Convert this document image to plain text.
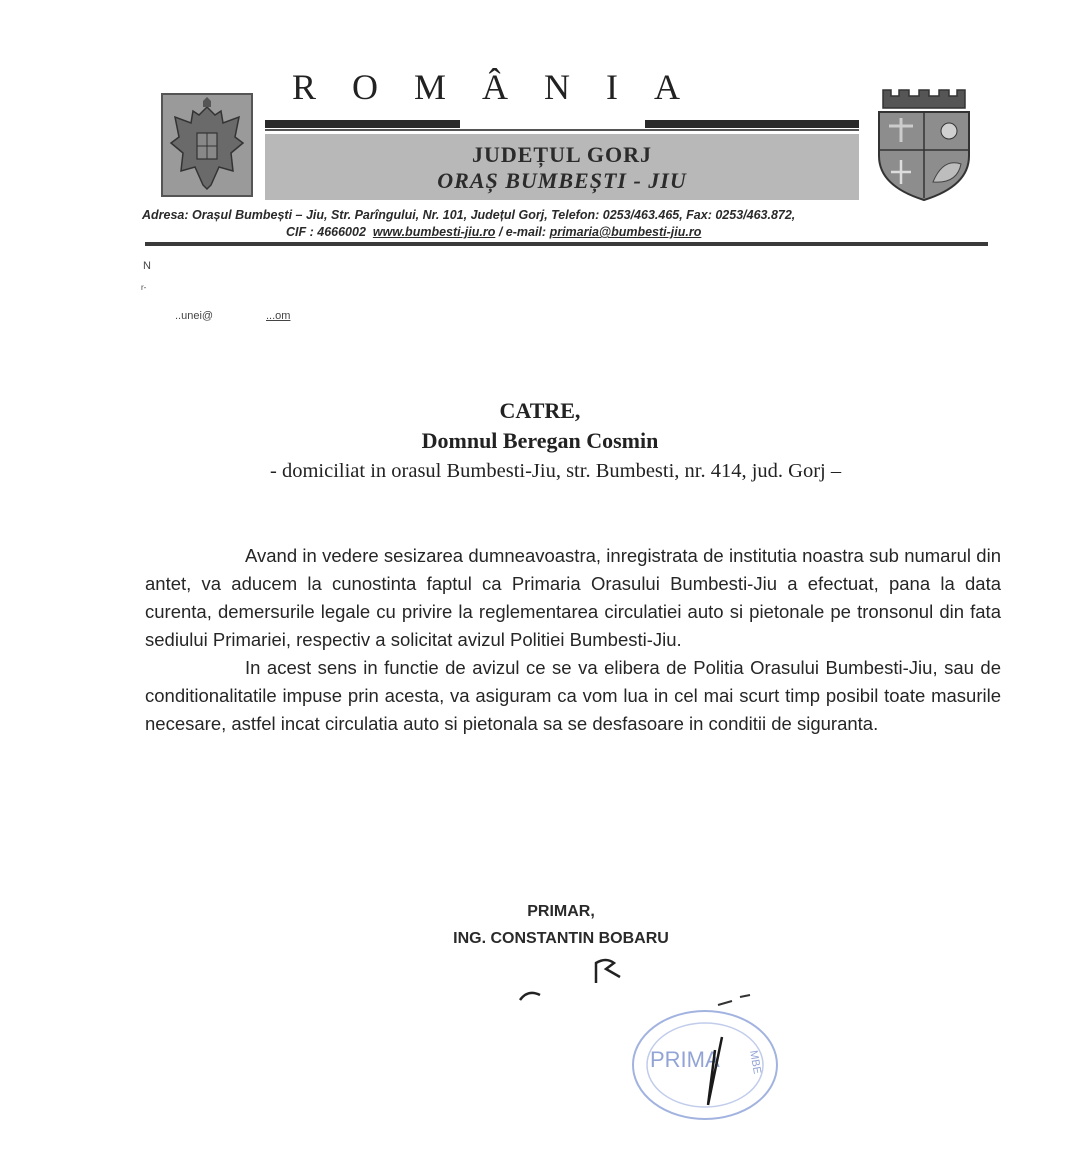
ROMÂNIA
JUDEȚUL GORJ
ORAȘ BUMBEȘTI - JIU
Adresa: Orașul Bumbești – Jiu, Str. Parîngului, Nr. 101, Județul Gorj, Telefon: 0253/463.465, Fax: 0253/463.872,
CIF : 4666002 www.bumbesti-jiu.ro / e-mail: primaria@bumbesti-jiu.ro
N
r-
..unei@	...om
CATRE,
Domnul Beregan Cosmin
- domiciliat in orasul Bumbesti-Jiu, str. Bumbesti, nr. 414, jud. Gorj –

Avand in vedere sesizarea dumneavoastra, inregistrata de institutia noastra sub numarul din antet, va aducem la cunostinta faptul ca Primaria Orasului Bumbesti-Jiu a efectuat, pana la data curenta, demersurile legale cu privire la reglementarea circulatiei auto si pietonale pe tronsonul din fata sediului Primariei, respectiv a solicitat avizul Politiei Bumbesti-Jiu.

In acest sens in functie de avizul ce se va elibera de Politia Orasului Bumbesti-Jiu, sau de conditionalitatile impuse prin acesta, va asiguram ca vom lua in cel mai scurt timp posibil toate masurile necesare, astfel incat circulatia auto si pietonala sa se desfasoare in conditii de siguranta.

PRIMAR,
ING. CONSTANTIN BOBARU
PRIMA MBE
